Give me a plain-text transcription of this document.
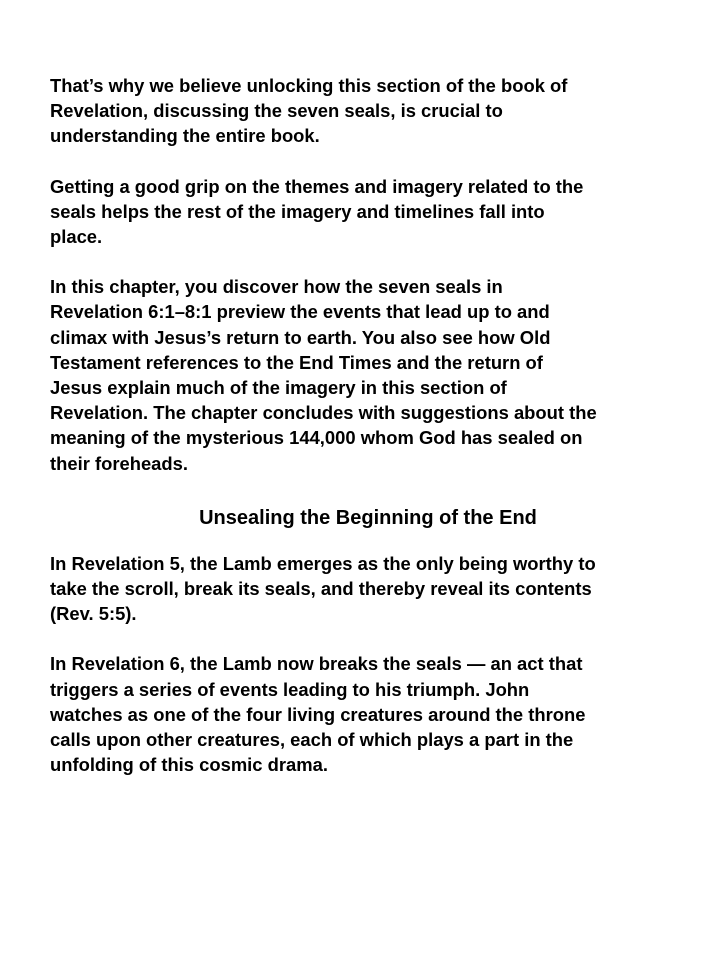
That’s why we believe unlocking this section of the book of
Revelation, discussing the seven seals, is crucial to
understanding the entire book.

Getting a good grip on the themes and imagery related to the
seals helps the rest of the imagery and timelines fall into
place.

In this chapter, you discover how the seven seals in
Revelation 6:1–8:1 preview the events that lead up to and
climax with Jesus’s return to earth. You also see how Old
Testament references to the End Times and the return of
Jesus explain much of the imagery in this section of
Revelation. The chapter concludes with suggestions about the
meaning of the mysterious 144,000 whom God has sealed on
their foreheads.

Unsealing the Beginning of the End

In Revelation 5, the Lamb emerges as the only being worthy to
take the scroll, break its seals, and thereby reveal its contents
(Rev. 5:5).

In Revelation 6, the Lamb now breaks the seals — an act that
triggers a series of events leading to his triumph. John
watches as one of the four living creatures around the throne
calls upon other creatures, each of which plays a part in the
unfolding of this cosmic drama.
